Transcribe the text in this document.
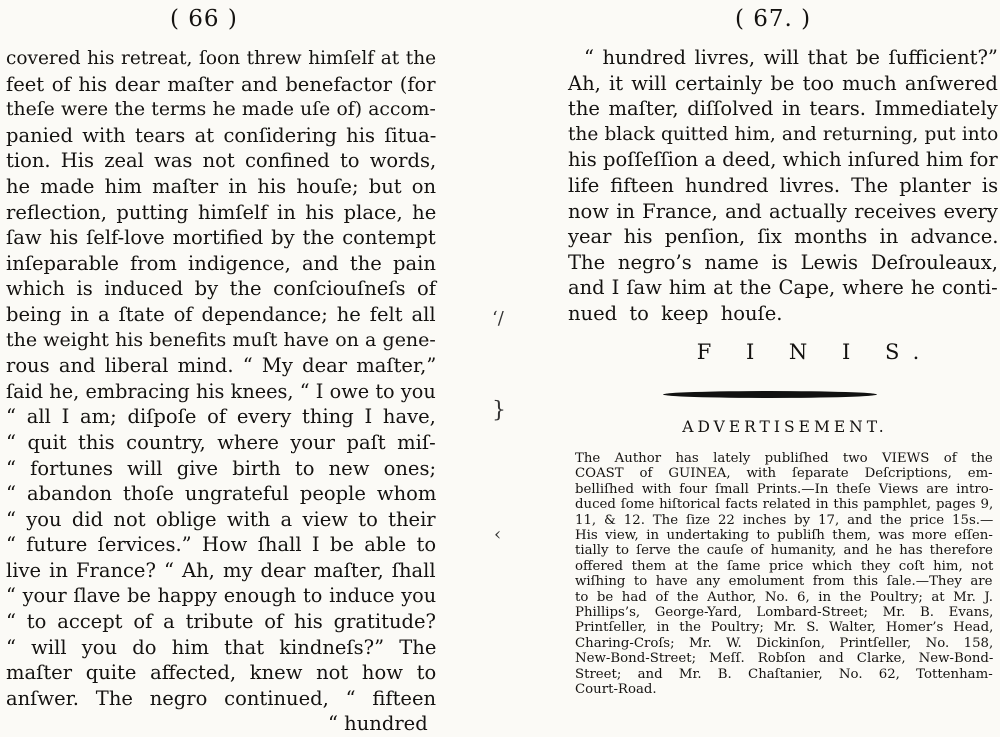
( 66 )
covered his retreat, ſoon threw himſelf at the
feet of his dear maſter and benefactor (for
theſe were the terms he made uſe of) accom-
panied with tears at conſidering his ſitua-
tion. His zeal was not confined to words,
he made him maſter in his houſe; but on
reflection, putting himſelf in his place, he
ſaw his ſelf-love mortified by the contempt
inſeparable from indigence, and the pain
which is induced by the conſciouſneſs of
being in a ſtate of dependance; he felt all
the weight his benefits muſt have on a gene-
rous and liberal mind. “ My dear maſter,”
ſaid he, embracing his knees, “ I owe to you
“ all I am; diſpoſe of every thing I have,
“ quit this country, where your paſt miſ-
“ fortunes will give birth to new ones;
“ abandon thoſe ungrateful people whom
“ you did not oblige with a view to their
“ future ſervices.” How ſhall I be able to
live in France? “ Ah, my dear maſter, ſhall
“ your ſlave be happy enough to induce you
“ to accept of a tribute of his gratitude?
“ will you do him that kindneſs?” The
maſter quite affected, knew not how to
anſwer. The negro continued, “ fifteen
“ hundred
‘/
}
‹
( 67. )
“ hundred livres, will that be ſufficient?”
Ah, it will certainly be too much anſwered
the maſter, diſſolved in tears. Immediately
the black quitted him, and returning, put into
his poſſeſſion a deed, which inſured him for
life fifteen hundred livres. The planter is
now in France, and actually receives every
year his penſion, ſix months in advance.
The negro’s name is Lewis Deſrouleaux,
and I ſaw him at the Cape, where he conti-
nued to keep houſe.
F I N I S.
ADVERTISEMENT.
The Author has lately publiſhed two VIEWS of the
COAST of GUINEA, with ſeparate Deſcriptions, em-
belliſhed with four ſmall Prints.—In theſe Views are intro-
duced ſome hiſtorical facts related in this pamphlet, pages 9,
11, & 12. The ſize 22 inches by 17, and the price 15s.—
His view, in undertaking to publiſh them, was more eſſen-
tially to ſerve the cauſe of humanity, and he has therefore
offered them at the ſame price which they coſt him, not
wiſhing to have any emolument from this ſale.—They are
to be had of the Author, No. 6, in the Poultry; at Mr. J.
Phillips’s, George-Yard, Lombard-Street; Mr. B. Evans,
Printſeller, in the Poultry; Mr. S. Walter, Homer’s Head,
Charing-Croſs; Mr. W. Dickinſon, Printſeller, No. 158,
New-Bond-Street; Meſſ. Robſon and Clarke, New-Bond-
Street; and Mr. B. Chaſtanier, No. 62, Tottenham-
Court-Road.
